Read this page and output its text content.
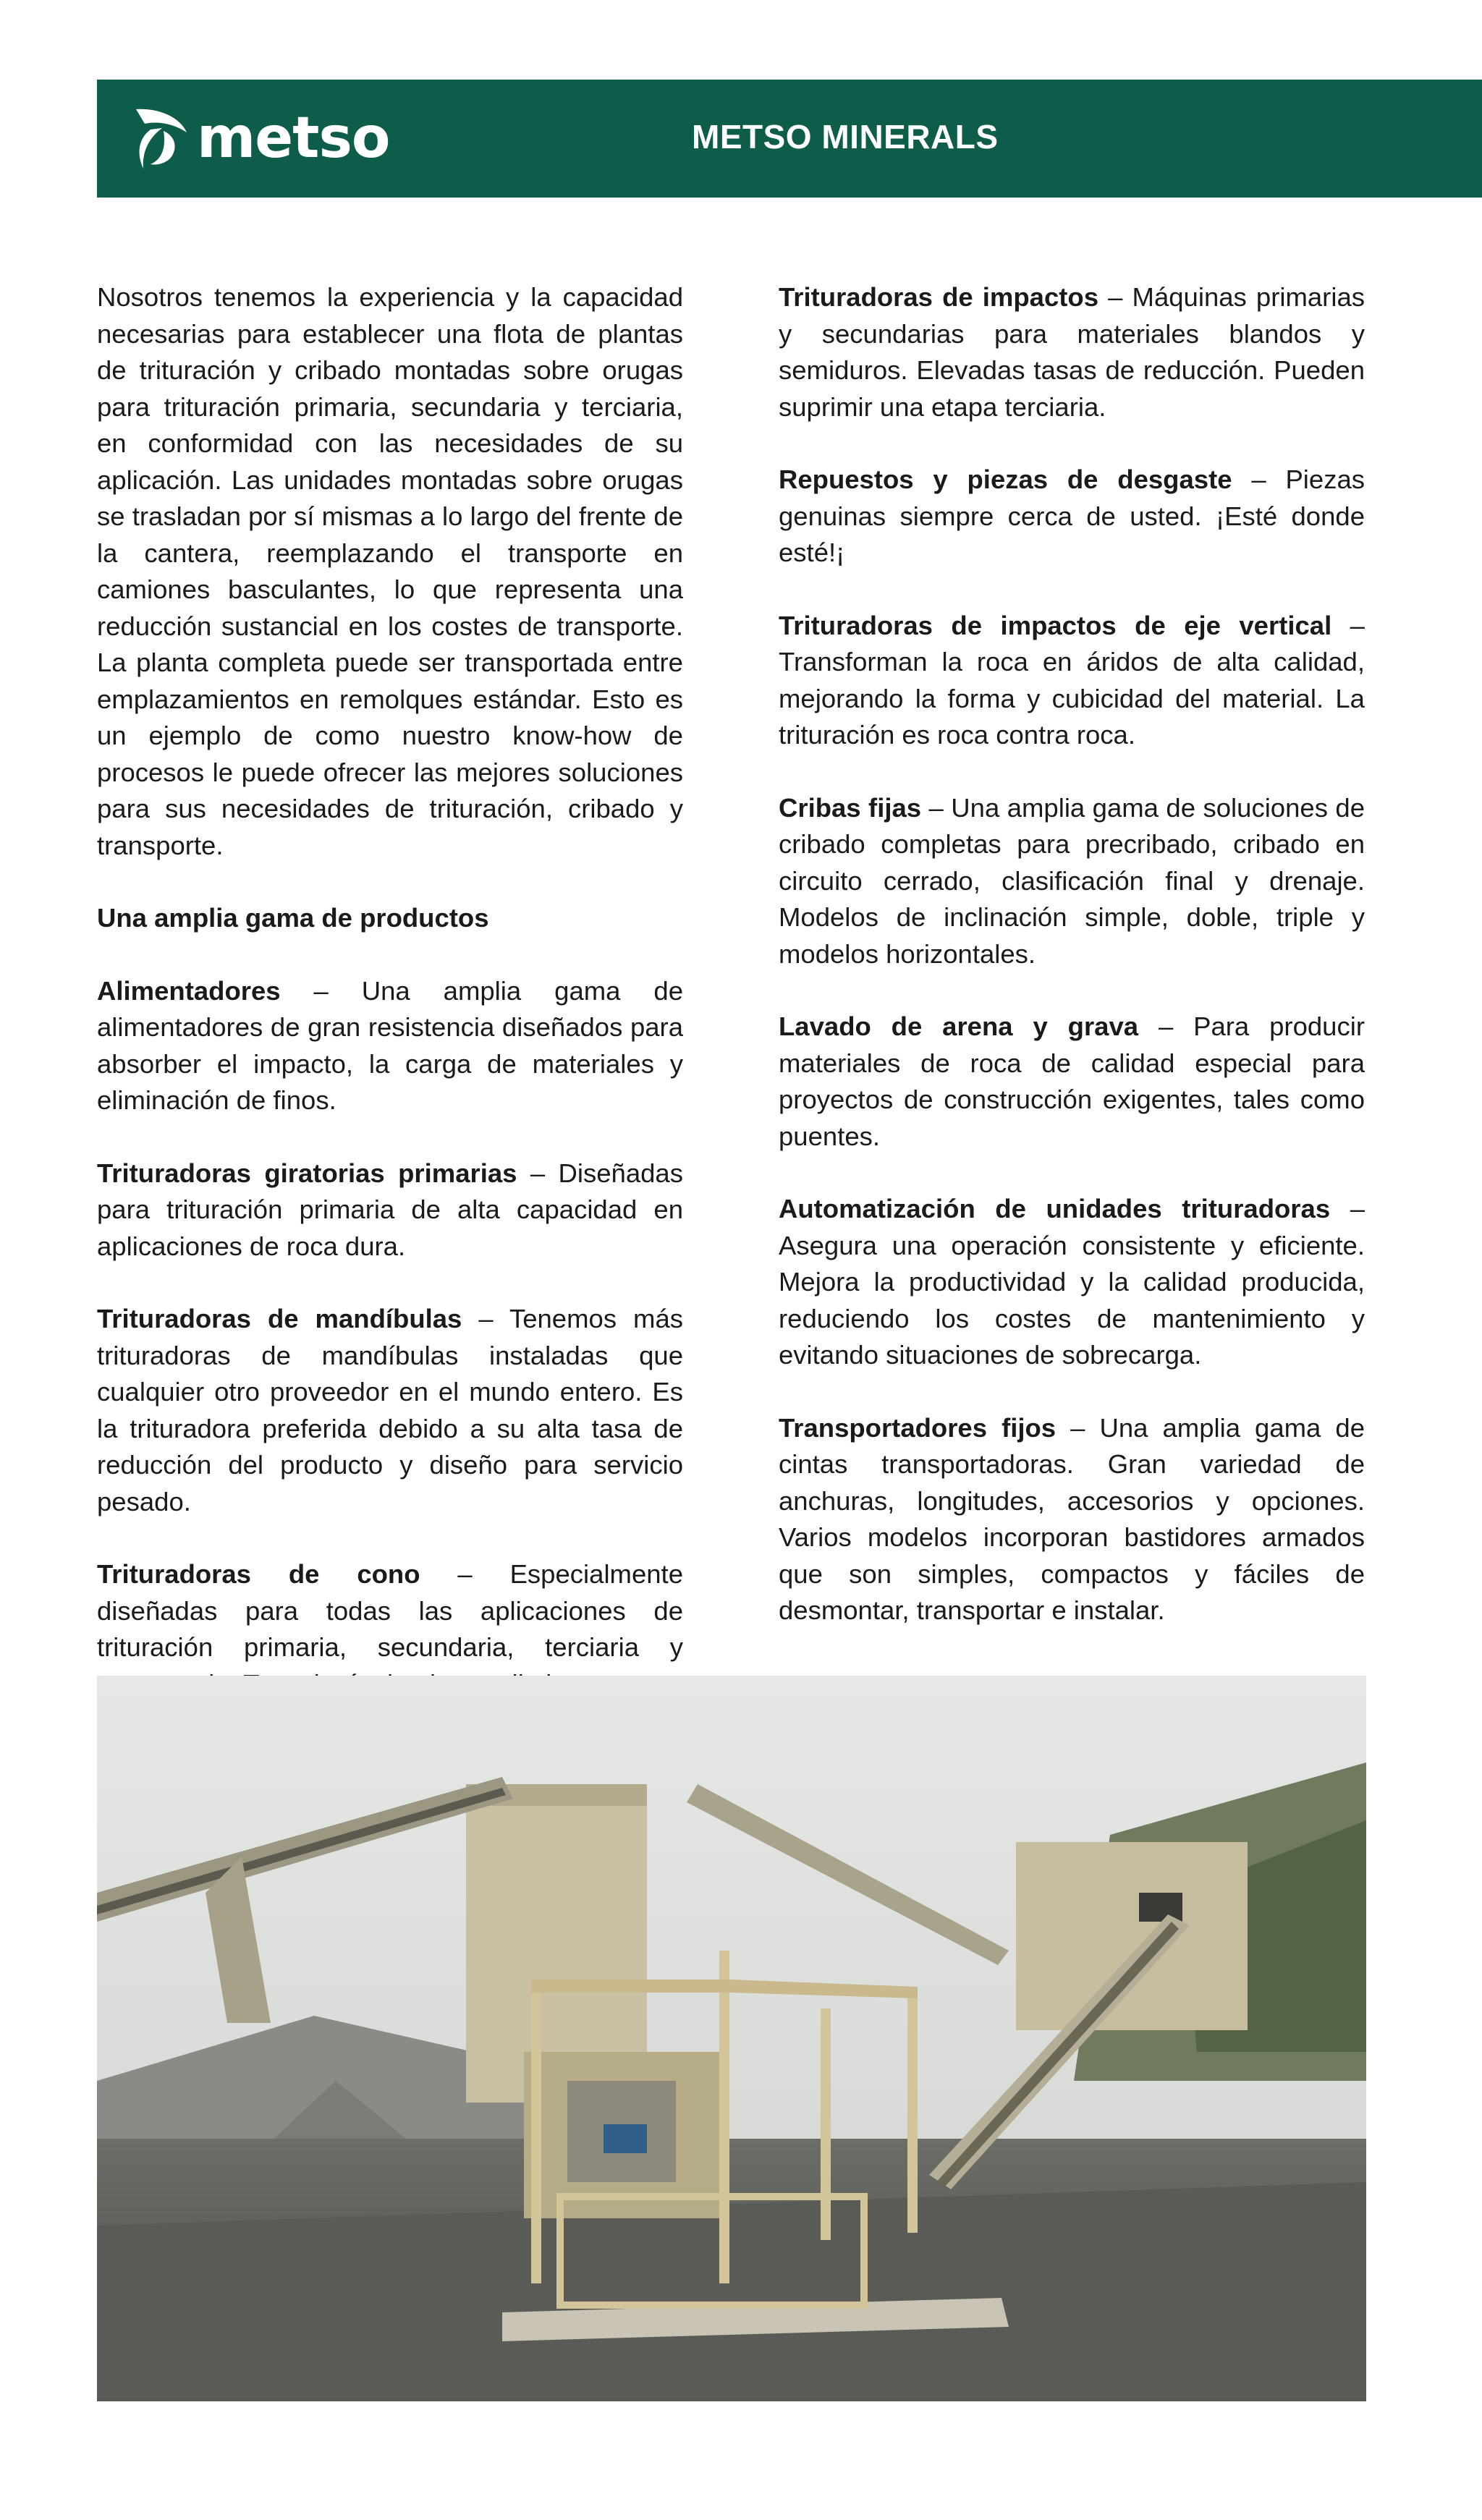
metso	METSO MINERALS

Nosotros tenemos la experiencia y la capacidad necesarias para establecer una flota de plantas de trituración y cribado montadas sobre orugas para trituración primaria, secundaria y terciaria, en conformidad con las necesidades de su aplicación. Las unidades montadas sobre orugas se trasladan por sí mismas a lo largo del frente de la cantera, reemplazando el transporte en camiones basculantes, lo que representa una reducción sustancial en los costes de transporte. La planta completa puede ser transportada entre emplazamientos en remolques estándar. Esto es un ejemplo de como nuestro know-how de procesos le puede ofrecer las mejores soluciones para sus necesidades de trituración, cribado y transporte.

Una amplia gama de productos

Alimentadores – Una amplia gama de alimentadores de gran resistencia diseñados para absorber el impacto, la carga de materiales y eliminación de finos.

Trituradoras giratorias primarias – Diseñadas para trituración primaria de alta capacidad en aplicaciones de roca dura.

Trituradoras de mandíbulas – Tenemos más trituradoras de mandíbulas instaladas que cualquier otro proveedor en el mundo entero. Es la trituradora preferida debido a su alta tasa de reducción del producto y diseño para servicio pesado.

Trituradoras de cono – Especialmente diseñadas para todas las aplicaciones de trituración primaria, secundaria, terciaria y

Trituradoras de impactos – Máquinas primarias y secundarias para materiales blandos y semiduros. Elevadas tasas de reducción. Pueden suprimir una etapa terciaria.

Repuestos y piezas de desgaste – Piezas genuinas siempre cerca de usted. ¡Esté donde esté!¡

Trituradoras de impactos de eje vertical – Transforman la roca en áridos de alta calidad, mejorando la forma y cubicidad del material. La trituración es roca contra roca.

Cribas fijas – Una amplia gama de soluciones de cribado completas para precribado, cribado en circuito cerrado, clasificación final y drenaje. Modelos de inclinación simple, doble, triple y modelos horizontales.

Lavado de arena y grava – Para producir materiales de roca de calidad especial para proyectos de construcción exigentes, tales como puentes.

Automatización de unidades trituradoras – Asegura una operación consistente y eficiente. Mejora la productividad y la calidad producida, reduciendo los costes de mantenimiento y evitando situaciones de sobrecarga.

Transportadores fijos – Una amplia gama de cintas transportadoras. Gran variedad de anchuras, longitudes, accesorios y opciones. Varios modelos incorporan bastidores armados que son simples, compactos y fáciles de desmontar, transportar e instalar.
